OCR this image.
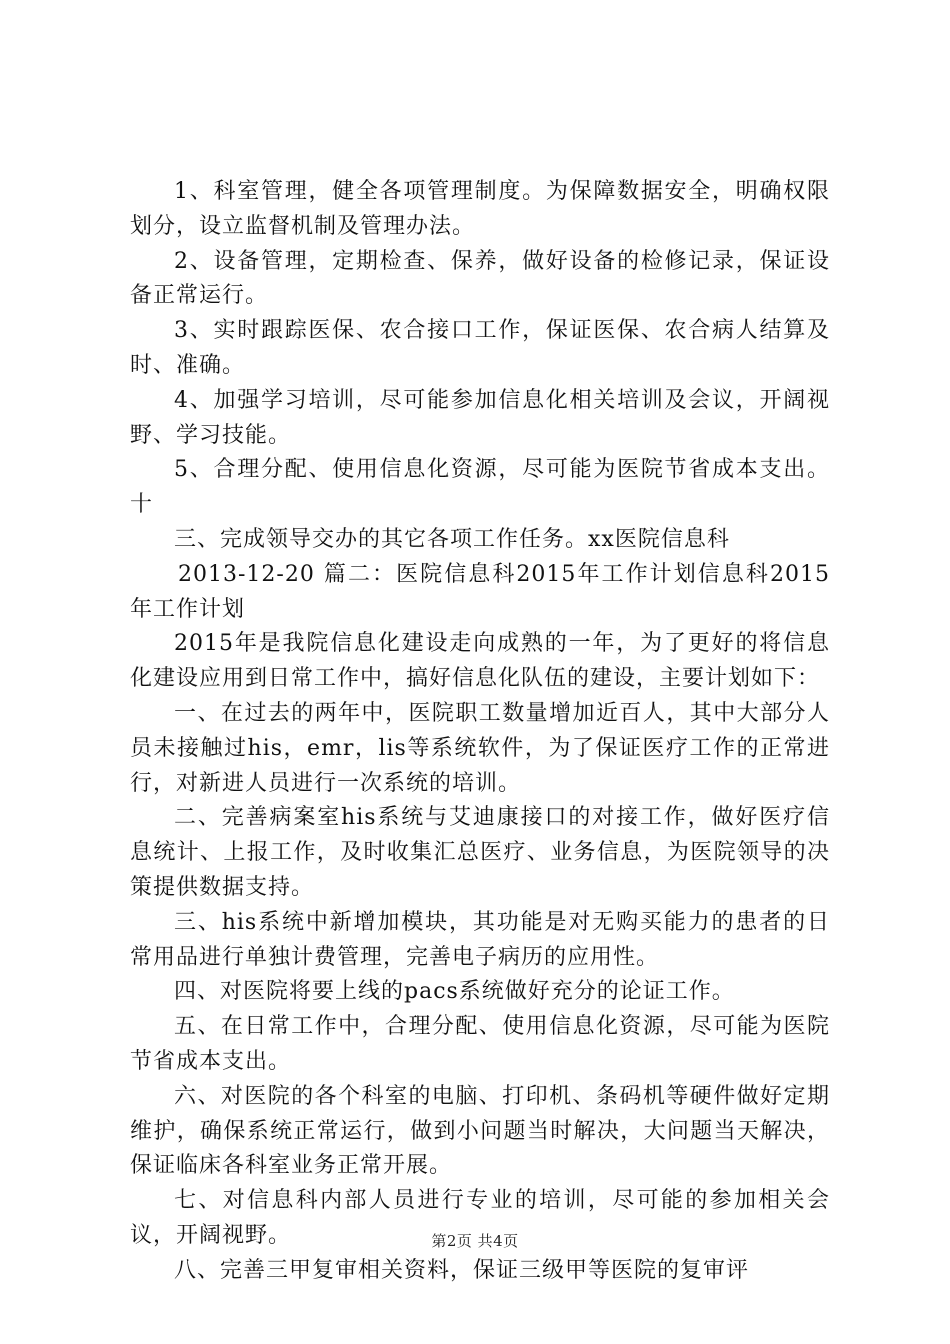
1、科室管理，健全各项管理制度。为保障数据安全，明确权限划分，设立监督机制及管理办法。

2、设备管理，定期检查、保养，做好设备的检修记录，保证设备正常运行。

3、实时跟踪医保、农合接口工作，保证医保、农合病人结算及时、准确。

4、加强学习培训，尽可能参加信息化相关培训及会议，开阔视野、学习技能。

5、合理分配、使用信息化资源，尽可能为医院节省成本支出。十

三、完成领导交办的其它各项工作任务。xx医院信息科

2013-12-20 篇二：医院信息科2015年工作计划信息科2015年工作计划

2015年是我院信息化建设走向成熟的一年，为了更好的将信息化建设应用到日常工作中，搞好信息化队伍的建设，主要计划如下：

一、在过去的两年中，医院职工数量增加近百人，其中大部分人员未接触过his，emr，lis等系统软件，为了保证医疗工作的正常进行，对新进人员进行一次系统的培训。

二、完善病案室his系统与艾迪康接口的对接工作，做好医疗信息统计、上报工作，及时收集汇总医疗、业务信息，为医院领导的决策提供数据支持。

三、his系统中新增加模块，其功能是对无购买能力的患者的日常用品进行单独计费管理，完善电子病历的应用性。

四、对医院将要上线的pacs系统做好充分的论证工作。

五、在日常工作中，合理分配、使用信息化资源，尽可能为医院节省成本支出。

六、对医院的各个科室的电脑、打印机、条码机等硬件做好定期维护，确保系统正常运行，做到小问题当时解决，大问题当天解决，保证临床各科室业务正常开展。

七、对信息科内部人员进行专业的培训，尽可能的参加相关会议，开阔视野。

八、完善三甲复审相关资料，保证三级甲等医院的复审评

第2页 共4页
